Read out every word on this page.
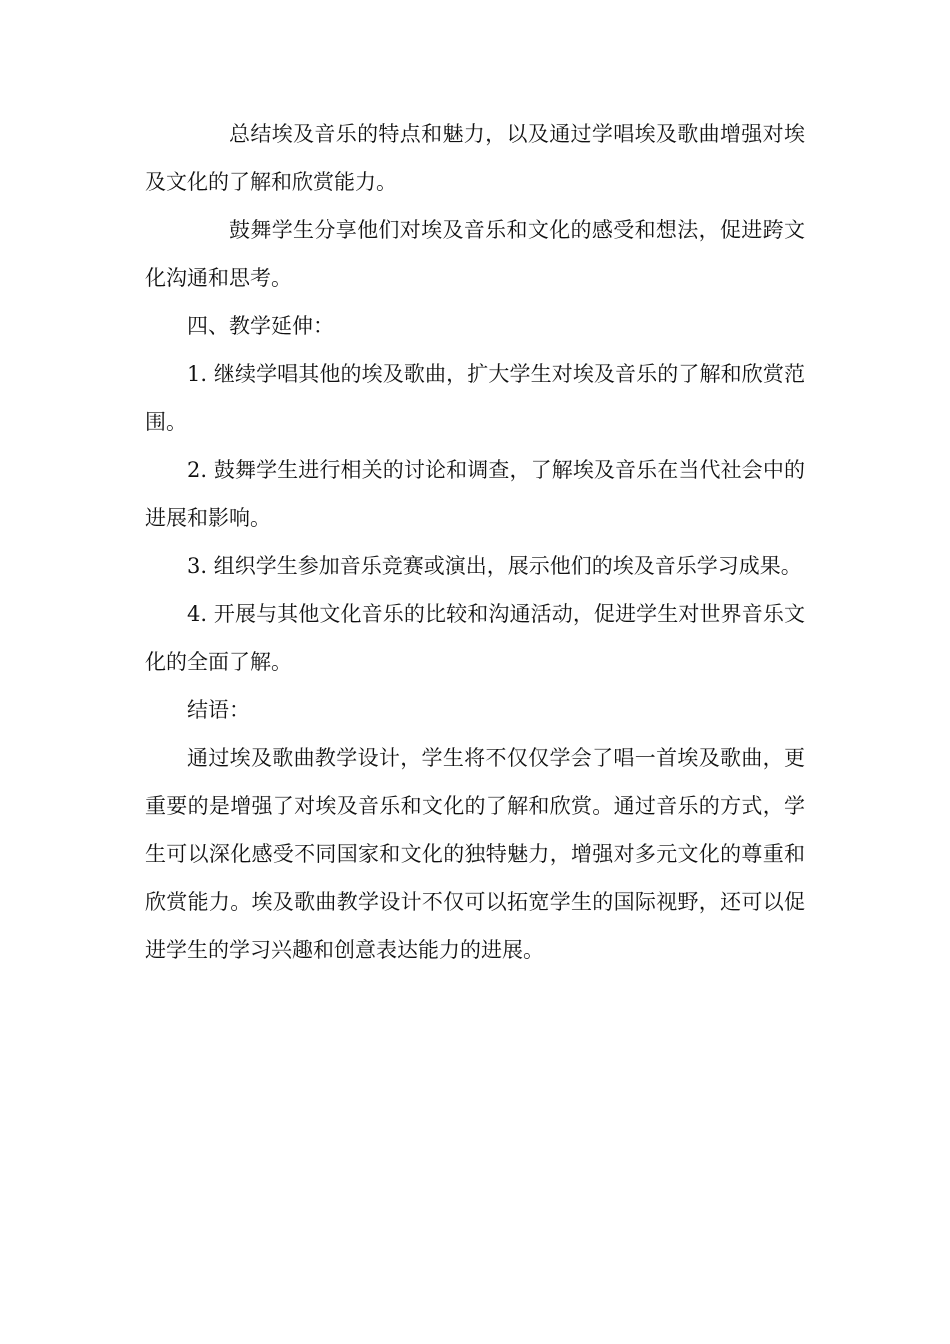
总结埃及音乐的特点和魅力，以及通过学唱埃及歌曲增强对埃及文化的了解和欣赏能力。

鼓舞学生分享他们对埃及音乐和文化的感受和想法，促进跨文化沟通和思考。

四、教学延伸：

1. 继续学唱其他的埃及歌曲，扩大学生对埃及音乐的了解和欣赏范围。

2. 鼓舞学生进行相关的讨论和调查，了解埃及音乐在当代社会中的进展和影响。

3. 组织学生参加音乐竞赛或演出，展示他们的埃及音乐学习成果。

4. 开展与其他文化音乐的比较和沟通活动，促进学生对世界音乐文化的全面了解。

结语：

通过埃及歌曲教学设计，学生将不仅仅学会了唱一首埃及歌曲，更重要的是增强了对埃及音乐和文化的了解和欣赏。通过音乐的方式，学生可以深化感受不同国家和文化的独特魅力，增强对多元文化的尊重和欣赏能力。埃及歌曲教学设计不仅可以拓宽学生的国际视野，还可以促进学生的学习兴趣和创意表达能力的进展。
